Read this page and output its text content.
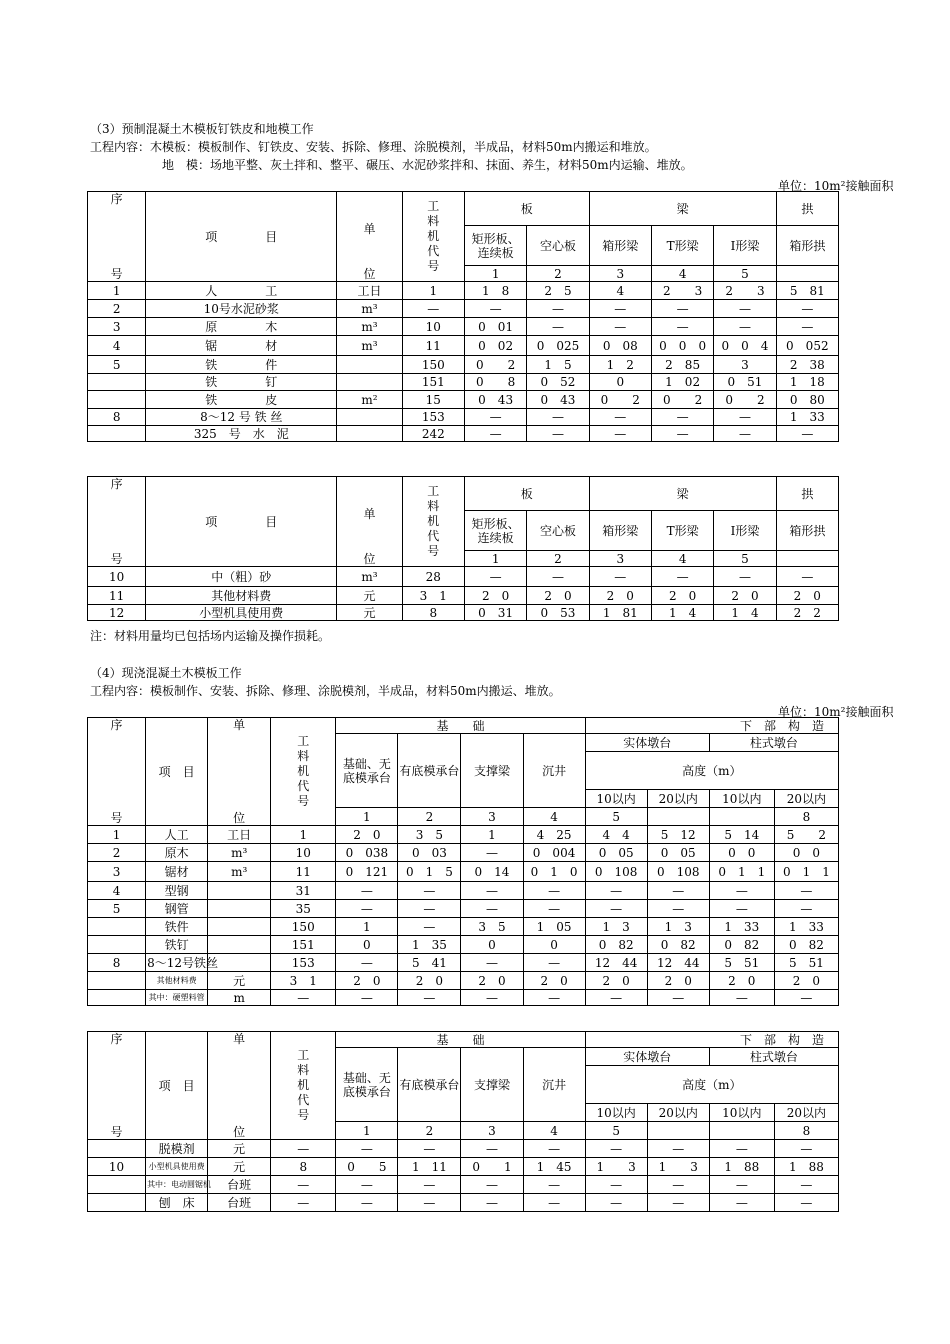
（3）预制混凝土木模板钉铁皮和地模工作
工程内容：木模板：模板制作、钉铁皮、安装、拆除、修理、涂脱模剂，半成品，材料50m内搬运和堆放。
地　模：场地平整、灰土拌和、整平、碾压、水泥砂浆拌和、抹面、养生，材料50m内运输、堆放。
单位：10m²接触面积
序	项　　　　目	单	工料机代号	板		梁			拱
				矩形板、连续板	空心板	箱形梁	T形梁	I形梁	箱形拱

号		位		1	2	3	4	5	
1	人　　　　工	工日	1	1　8	2　5	4	2　　3	2　　3	5　81
2	10号水泥砂浆	m³	—	—	—	—	—	—	—
3	原　　　　木	m³	10	0　01	—	—	—	—	—
4	锯　　　　材	m³	11	0　02	0　025	0　08	0　0　0	0　0　4	0　052
5	铁　　　　件		150	0　　2	1　5	1　2	2　85	3	2　38
	铁　　　　钉		151	0　　8	0　52	0	1　02	0　51	1　18
	铁　　　　皮	m²	15	0　43	0　43	0　　2	0　　2	0　　2	0　80
8	8～12 号 铁 丝		153	—	—	—	—	—	1　33
	325　号　水　泥		242	—	—	—	—	—	—
序	项　　　　目	单	工料机代号	板		梁			拱
				矩形板、连续板	空心板	箱形梁	T形梁	I形梁	箱形拱
号		位		1	2	3	4	5	
10	中（粗）砂	m³	28	—	—	—	—	—	—
11	其他材料费	元	3　1	2　0	2　0	2　0	2　0	2　0	2　0
12	小型机具使用费	元	8	0　31	0　53	1　81	1　4	1　4	2　2
注：材料用量均已包括场内运输及操作损耗。
（4）现浇混凝土木模板工作
工程内容：模板制作、安装、拆除、修理、涂脱模剂，半成品，材料50m内搬运、堆放。
单位：10m²接触面积
序	项　目	单	工料机代号	基　　础				下　部　构　造			
				基础、无底模承台	有底模承台	支撑梁	沉井	实体墩台		柱式墩台	
								高度（m）			
								10以内	20以内	10以内	20以内
号		位		1	2	3	4	5			8
1	人工	工日	1	2　0	3　5	1	4　25	4　4	5　12	5　14	5　　2
2	原木	m³	10	0　038	0　03	—	0　004	0　05	0　05	0　0	0　0
3	锯材	m³	11	0　121	0　1　5	0　14	0　1　0	0　108	0　108	0　1　1	0　1　1
4	型钢		31	—	—	—	—	—	—	—	—
5	钢管		35	—	—	—	—	—	—	—	—
	铁件		150	1	—	3　5	1　05	1　3	1　3	1　33	1　33
	铁钉		151	0	1　35	0	0	0　82	0　82	0　82	0　82
8	8～12号铁丝		153	—	5　41	—	—	12　44	12　44	5　51	5　51
	其他材料费	元	3　1	2　0	2　0	2　0	2　0	2　0	2　0	2　0	2　0
	其中：硬塑料管	m	—	—	—	—	—	—	—	—	—
序	项　目	单	工料机代号	基　　础				下　部　构　造			
				基础、无底模承台	有底模承台	支撑梁	沉井	实体墩台		柱式墩台	
								高度（m）			
								10以内	20以内	10以内	20以内
号		位		1	2	3	4	5			8
	脱模剂	元	—	—	—	—	—	—	—	—	—
10	小型机具使用费	元	8	0　　5	1　11	0　　1	1　45	1　　3	1　　3	1　88	1　88
	其中：电动圆锯机	台班	—	—	—	—	—	—	—	—	—
	刨　床	台班	—	—	—	—	—	—	—	—	—
